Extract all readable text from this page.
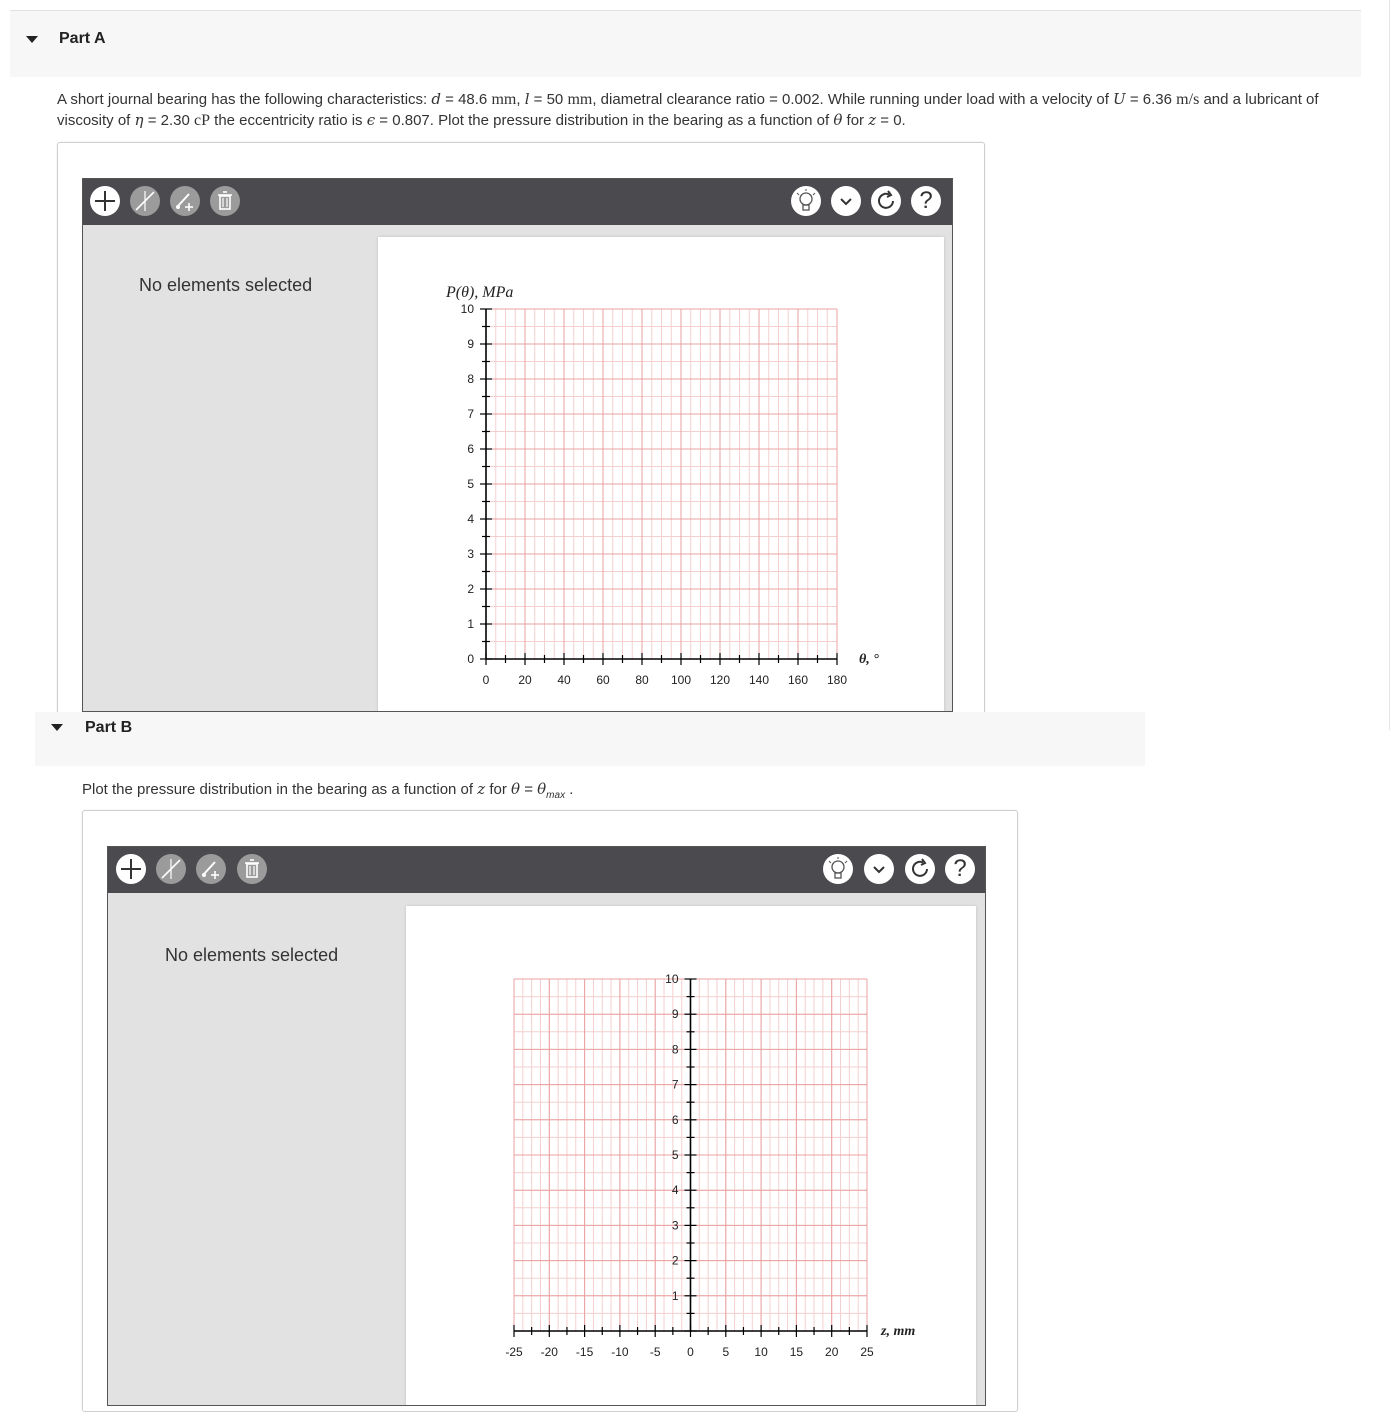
Part A
A short journal bearing has the following characteristics: d = 48.6 mm, l = 50 mm, diametral clearance ratio = 0.002. While running under load with a velocity of U = 6.36 m/s and a lubricant of viscosity of η = 2.30 cP the eccentricity ratio is ϵ = 0.807. Plot the pressure distribution in the bearing as a function of θ for z = 0.
?
No elements selected
0 20 40 60 80 100 120 140 160 180
0
1
2
3
4
5
6
7
8
9
10
P(θ), MPa
θ, °
Part B
Plot the pressure distribution in the bearing as a function of z for $\theta = \theta_{max}$ .
?
No elements selected
-25 -20 -15 -10 -5 0 5 10 15 20 25
1
2
3
4
5
6
7
8
9
10
z, mm
